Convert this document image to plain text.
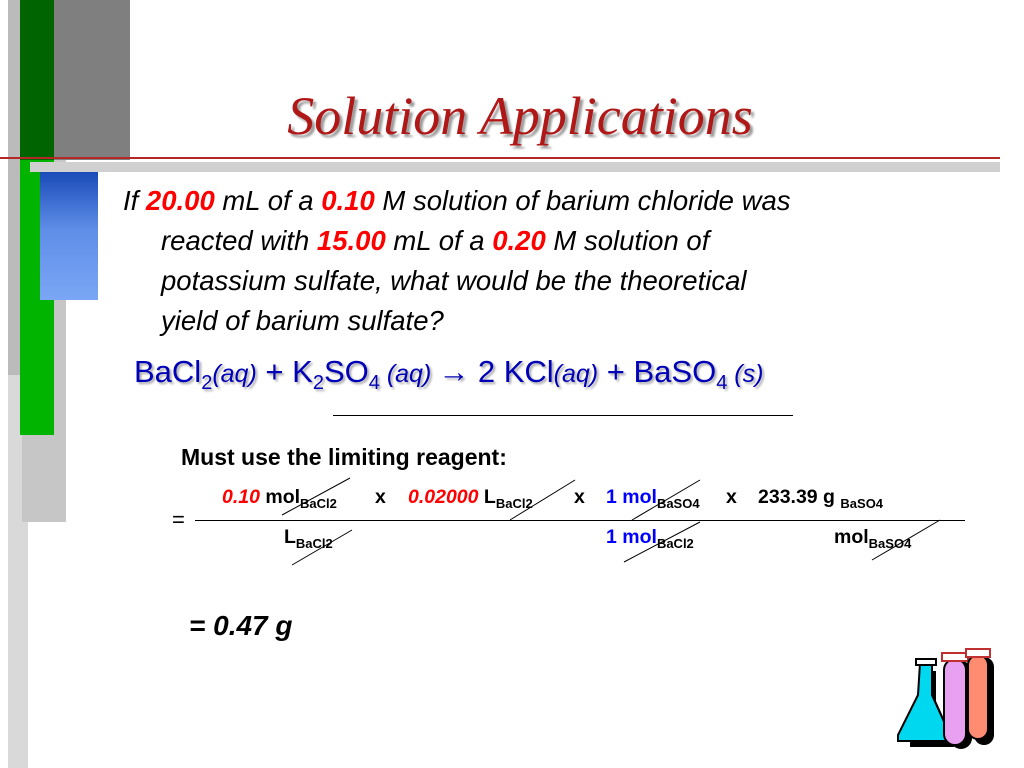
Solution Applications
If 20.00 mL of a 0.10 M solution of barium chloride was
reacted with 15.00 mL of a 0.20 M solution of
potassium sulfate, what would be the theoretical
yield of barium sulfate?
BaCl$_2$(aq) + $K_2SO_4$ (aq) → 2 KCl(aq) + BaSO$_4$ (s)
Must use the limiting reagent:
=
0.10 mol$_{BaCl2}$ x 0.02000 $L_{BaCl2}$ x 1 mol$_{BaSO4}$ x 233.39 g $_{BaSO4}$
$L_{BaCl2}$	1 mol$_{BaCl2}$	mol$_{BaSO4}$
= 0.47 g
